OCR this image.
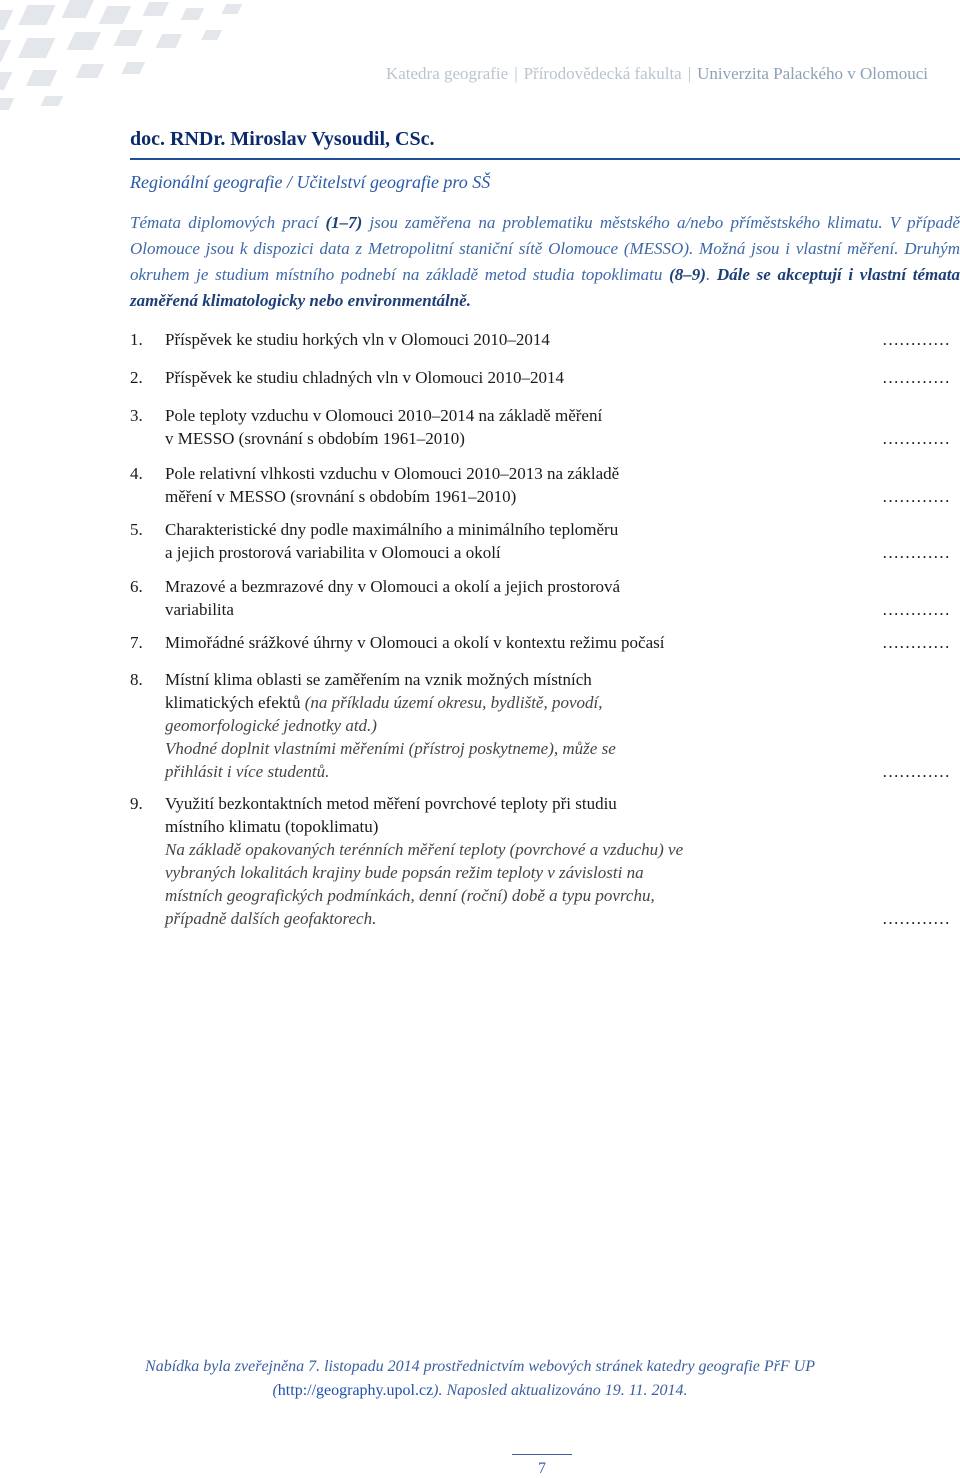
Katedra geografie | Přírodovědecká fakulta | Univerzita Palackého v Olomouci
doc. RNDr. Miroslav Vysoudil, CSc.
Regionální geografie / Učitelství geografie pro SŠ
Témata diplomových prací (1–7) jsou zaměřena na problematiku městského a/nebo příměstského klimatu. V případě Olomouce jsou k dispozici data z Metropolitní staniční sítě Olomouce (MESSO). Možná jsou i vlastní měření. Druhým okruhem je studium místního podnebí na základě metod studia topoklimatu (8–9). Dále se akceptují i vlastní témata zaměřená klimatologicky nebo environmentálně.
1. Příspěvek ke studiu horkých vln v Olomouci 2010–2014	…………
2. Příspěvek ke studiu chladných vln v Olomouci 2010–2014	…………
3. Pole teploty vzduchu v Olomouci 2010–2014 na základě měření
v MESSO (srovnání s obdobím 1961–2010)	…………
4. Pole relativní vlhkosti vzduchu v Olomouci 2010–2013 na základě
měření v MESSO (srovnání s obdobím 1961–2010)	…………
5. Charakteristické dny podle maximálního a minimálního teploměru
a jejich prostorová variabilita v Olomouci a okolí	…………
6. Mrazové a bezmrazové dny v Olomouci a okolí a jejich prostorová
variabilita	…………
7. Mimořádné srážkové úhrny v Olomouci a okolí v kontextu režimu počasí	…………
8. Místní klima oblasti se zaměřením na vznik možných místních
klimatických efektů (na příkladu území okresu, bydliště, povodí,
geomorfologické jednotky atd.)
Vhodné doplnit vlastními měřeními (přístroj poskytneme), může se
přihlásit i více studentů.	…………
9. Využití bezkontaktních metod měření povrchové teploty při studiu
místního klimatu (topoklimatu)
Na základě opakovaných terénních měření teploty (povrchové a vzduchu) ve
vybraných lokalitách krajiny bude popsán režim teploty v závislosti na
místních geografických podmínkách, denní (roční) době a typu povrchu,
případně dalších geofaktorech.	…………
Nabídka byla zveřejněna 7. listopadu 2014 prostřednictvím webových stránek katedry geografie PřF UP
(http://geography.upol.cz). Naposled aktualizováno 19. 11. 2014.
7
